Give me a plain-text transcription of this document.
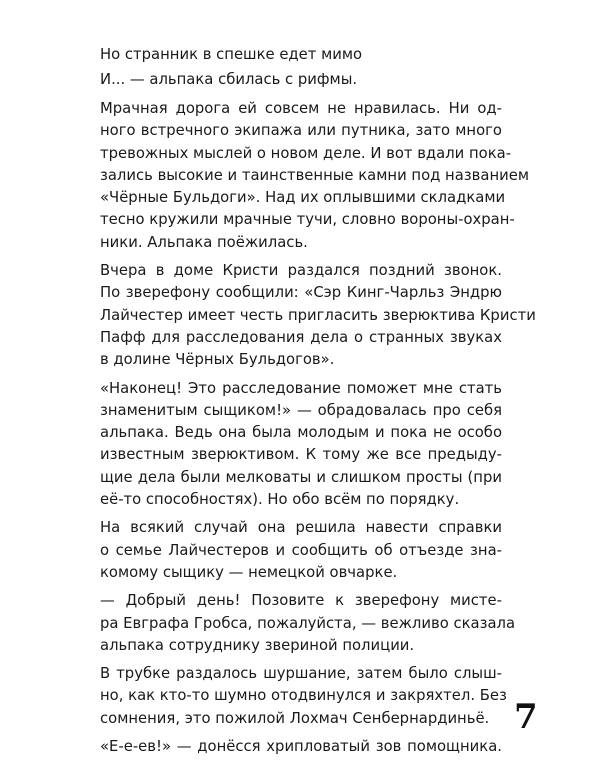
Но странник в спешке едет мимо

И... — альпака сбилась с рифмы.

Мрачная дорога ей совсем не нравилась. Ни од-
ного встречного экипажа или путника, зато много
тревожных мыслей о новом деле. И вот вдали пока-
зались высокие и таинственные камни под названием
«Чёрные Бульдоги». Над их оплывшими складками
тесно кружили мрачные тучи, словно вороны-охран-
ники. Альпака поёжилась.

Вчера в доме Кристи раздался поздний звонок.
По зверефону сообщили: «Сэр Кинг-Чарльз Эндрю
Лайчестер имеет честь пригласить зверюктива Кристи
Пафф для расследования дела о странных звуках
в долине Чёрных Бульдогов».

«Наконец! Это расследование поможет мне стать
знаменитым сыщиком!» — обрадовалась про себя
альпака. Ведь она была молодым и пока не особо
известным зверюктивом. К тому же все предыду-
щие дела были мелковаты и слишком просты (при
её-то способностях). Но обо всём по порядку.

На всякий случай она решила навести справки
о семье Лайчестеров и сообщить об отъезде зна-
комому сыщику — немецкой овчарке.

— Добрый день! Позовите к зверефону мисте-
ра Евграфа Гробса, пожалуйста, — вежливо сказала
альпака сотруднику звериной полиции.

В трубке раздалось шуршание, затем было слыш-
но, как кто-то шумно отодвинулся и закряхтел. Без
сомнения, это пожилой Лохмач Сенбернардиньё.

«Е-е-ев!» — донёсся хрипловатый зов помощника.

7
